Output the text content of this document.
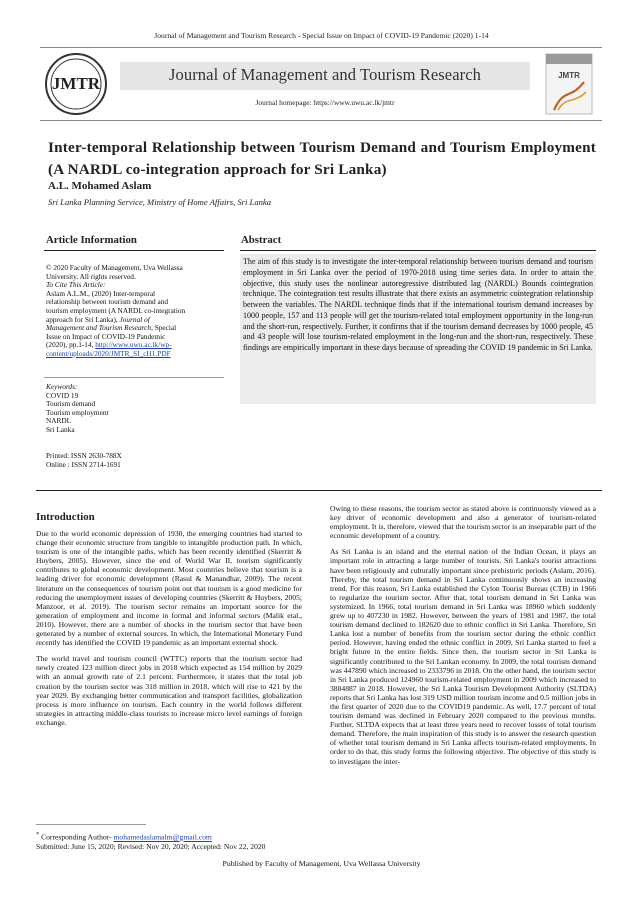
Journal of Management and Tourism Research - Special Issue on Impact of COVID-19 Pandemic (2020) 1-14
JMTR	Journal of Management and Tourism Research
Journal homepage: https://www.uwu.ac.lk/jmtr
JMTR
Inter-temporal Relationship between Tourism Demand and Tourism Employment (A NARDL co-integration approach for Sri Lanka)
A.L. Mohamed Aslam
Sri Lanka Planning Service, Ministry of Home Affairs, Sri Lanka
Article Information	Abstract
© 2020 Faculty of Management, Uva Wellassa
University. All rights reserved.
To Cite This Article:
Aslam A.L.M., (2020) Inter-temporal
relationship between tourism demand and
tourism employment (A NARDL co-integration
approach for Sri Lanka), Journal of
Management and Tourism Research, Special
Issue on Impact of COVID-19 Pandemic
(2020), pp.1-14, http://www.uwu.ac.lk/wp-
content/uploads/2020/JMTR_SI_cH1.PDF
Keywords:
COVID 19
Tourism demand
Tourism employment
NARDL
Sri Lanka
Printed: ISSN 2630-788X
Online : ISSN 2714-1691
The aim of this study is to investigate the inter-temporal relationship between tourism demand and tourism employment in Sri Lanka over the period of 1970-2018 using time series data. In order to attain the objective, this study uses the nonlinear autoregressive distributed lag (NARDL) Bounds cointegration technique. The cointegration test results illustrate that there exists an asymmetric cointegration relationship between the variables. The NARDL technique finds that if the international tourism demand increases by 1000 people, 157 and 113 people will get the tourism-related total employment opportunity in the long-run and the short-run, respectively. Further, it confirms that if the tourism demand decreases by 1000 people, 45 and 43 people will lose tourism-related employment in the long-run and the short-run, respectively. These findings are empirically important in these days because of spreading the COVID 19 pandemic in Sri Lanka.
Introduction

Due to the world economic depression of 1930, the emerging countries had started to change their economic structure from tangible to intangible production path. In which, tourism is one of the intangible paths, which has been recently identified (Skerritt & Huybers, 2005). However, since the end of World War II, tourism significantly contributes to global economic development. Most countries believe that tourism is a leading driver for economic development (Rasul & Manandhar, 2009). The recent literature on the consequences of tourism point out that tourism is a good medicine for reducing the unemployment issues of developing countries (Skerritt & Huybers, 2005; Manzoor, et al. 2019). The tourism sector remains an important source for the generation of employment and income in formal and informal sectors (Malik etal., 2010). However, there are a number of shocks in the tourism sector that have been generated by a number of external sources. In which, the International Monetary Fund recently has identified the COVID 19 pandemic as an important external shock.

The world travel and tourism council (WTTC) reports that the tourism sector had newly created 123 million direct jobs in 2018 which expected as 154 million by 2029 with an annual growth rate of 2.1 percent. Furthermore, it states that the total job creation by the tourism sector was 318 million in 2018, which will rise to 421 by the year 2029. By exchanging better communication and transport facilities, globalization process is more influence on tourism. Each country in the world follows different strategies in attracting middle-class tourists to increase micro level earnings of foreign exchange.

Owing to these reasons, the tourism sector as stated above is continuously viewed as a key driver of economic development and also a generator of tourism-related employment. It is, therefore, viewed that the tourism sector is an inseparable part of the economic development of a country.

As Sri Lanka is an island and the eternal nation of the Indian Ocean, it plays an important role in attracting a large number of tourists. Sri Lanka's tourist attractions have been religiously and culturally important since prehistoric periods (Aslam, 2016). Thereby, the total tourism demand in Sri Lanka continuously shows an increasing trend. For this reason, Sri Lanka established the Cylon Tourist Bureau (CTB) in 1966 to regularize the tourism sector. After that, total tourism demand in Sri Lanka was systemized. In 1966, total tourism demand in Sri Lanka was 18960 which suddenly grew up to 407230 in 1982. However, between the years of 1981 and 1987, the total tourism demand declined to 182620 due to ethnic conflict in Sri Lanka. Therefore, Sri Lanka lost a number of benefits from the tourism sector during the ethnic conflict period. However, having ended the ethnic conflict in 2009, Sri Lanka started to feel a bright future in the entire fields. Since then, the tourism sector in Sri Lanka is significantly contributed to the Sri Lankan economy. In 2009, the total tourism demand was 447890 which increased to 2333796 in 2018. On the other hand, the tourism sector in Sri Lanka produced 124960 tourism-related employment in 2009 which increased to 3884887 in 2018. However, the Sri Lanka Tourism Development Authority (SLTDA) reports that Sri Lanka has lost 319 USD million tourism income and 0.5 million jobs in the first quarter of 2020 due to the COVID19 pandemic. As well, 17.7 percent of total tourism demand was declined in February 2020 compared to the previous months. Further, SLTDA expects that at least three years need to recover losses of total tourism demand. Therefore, the main inspiration of this study is to answer the research question of whether total tourism demand in Sri Lanka affects tourism-related employments. In order to do that, this study forms the following objective. The objective of this study is to investigate the inter-

* Corresponding Author- mohamedaslamalm@gmail.com
Submitted: June 15, 2020; Revised: Nov 20, 2020; Accepted: Nov 22, 2020
Published by Faculty of Management, Uva Wellassa University
